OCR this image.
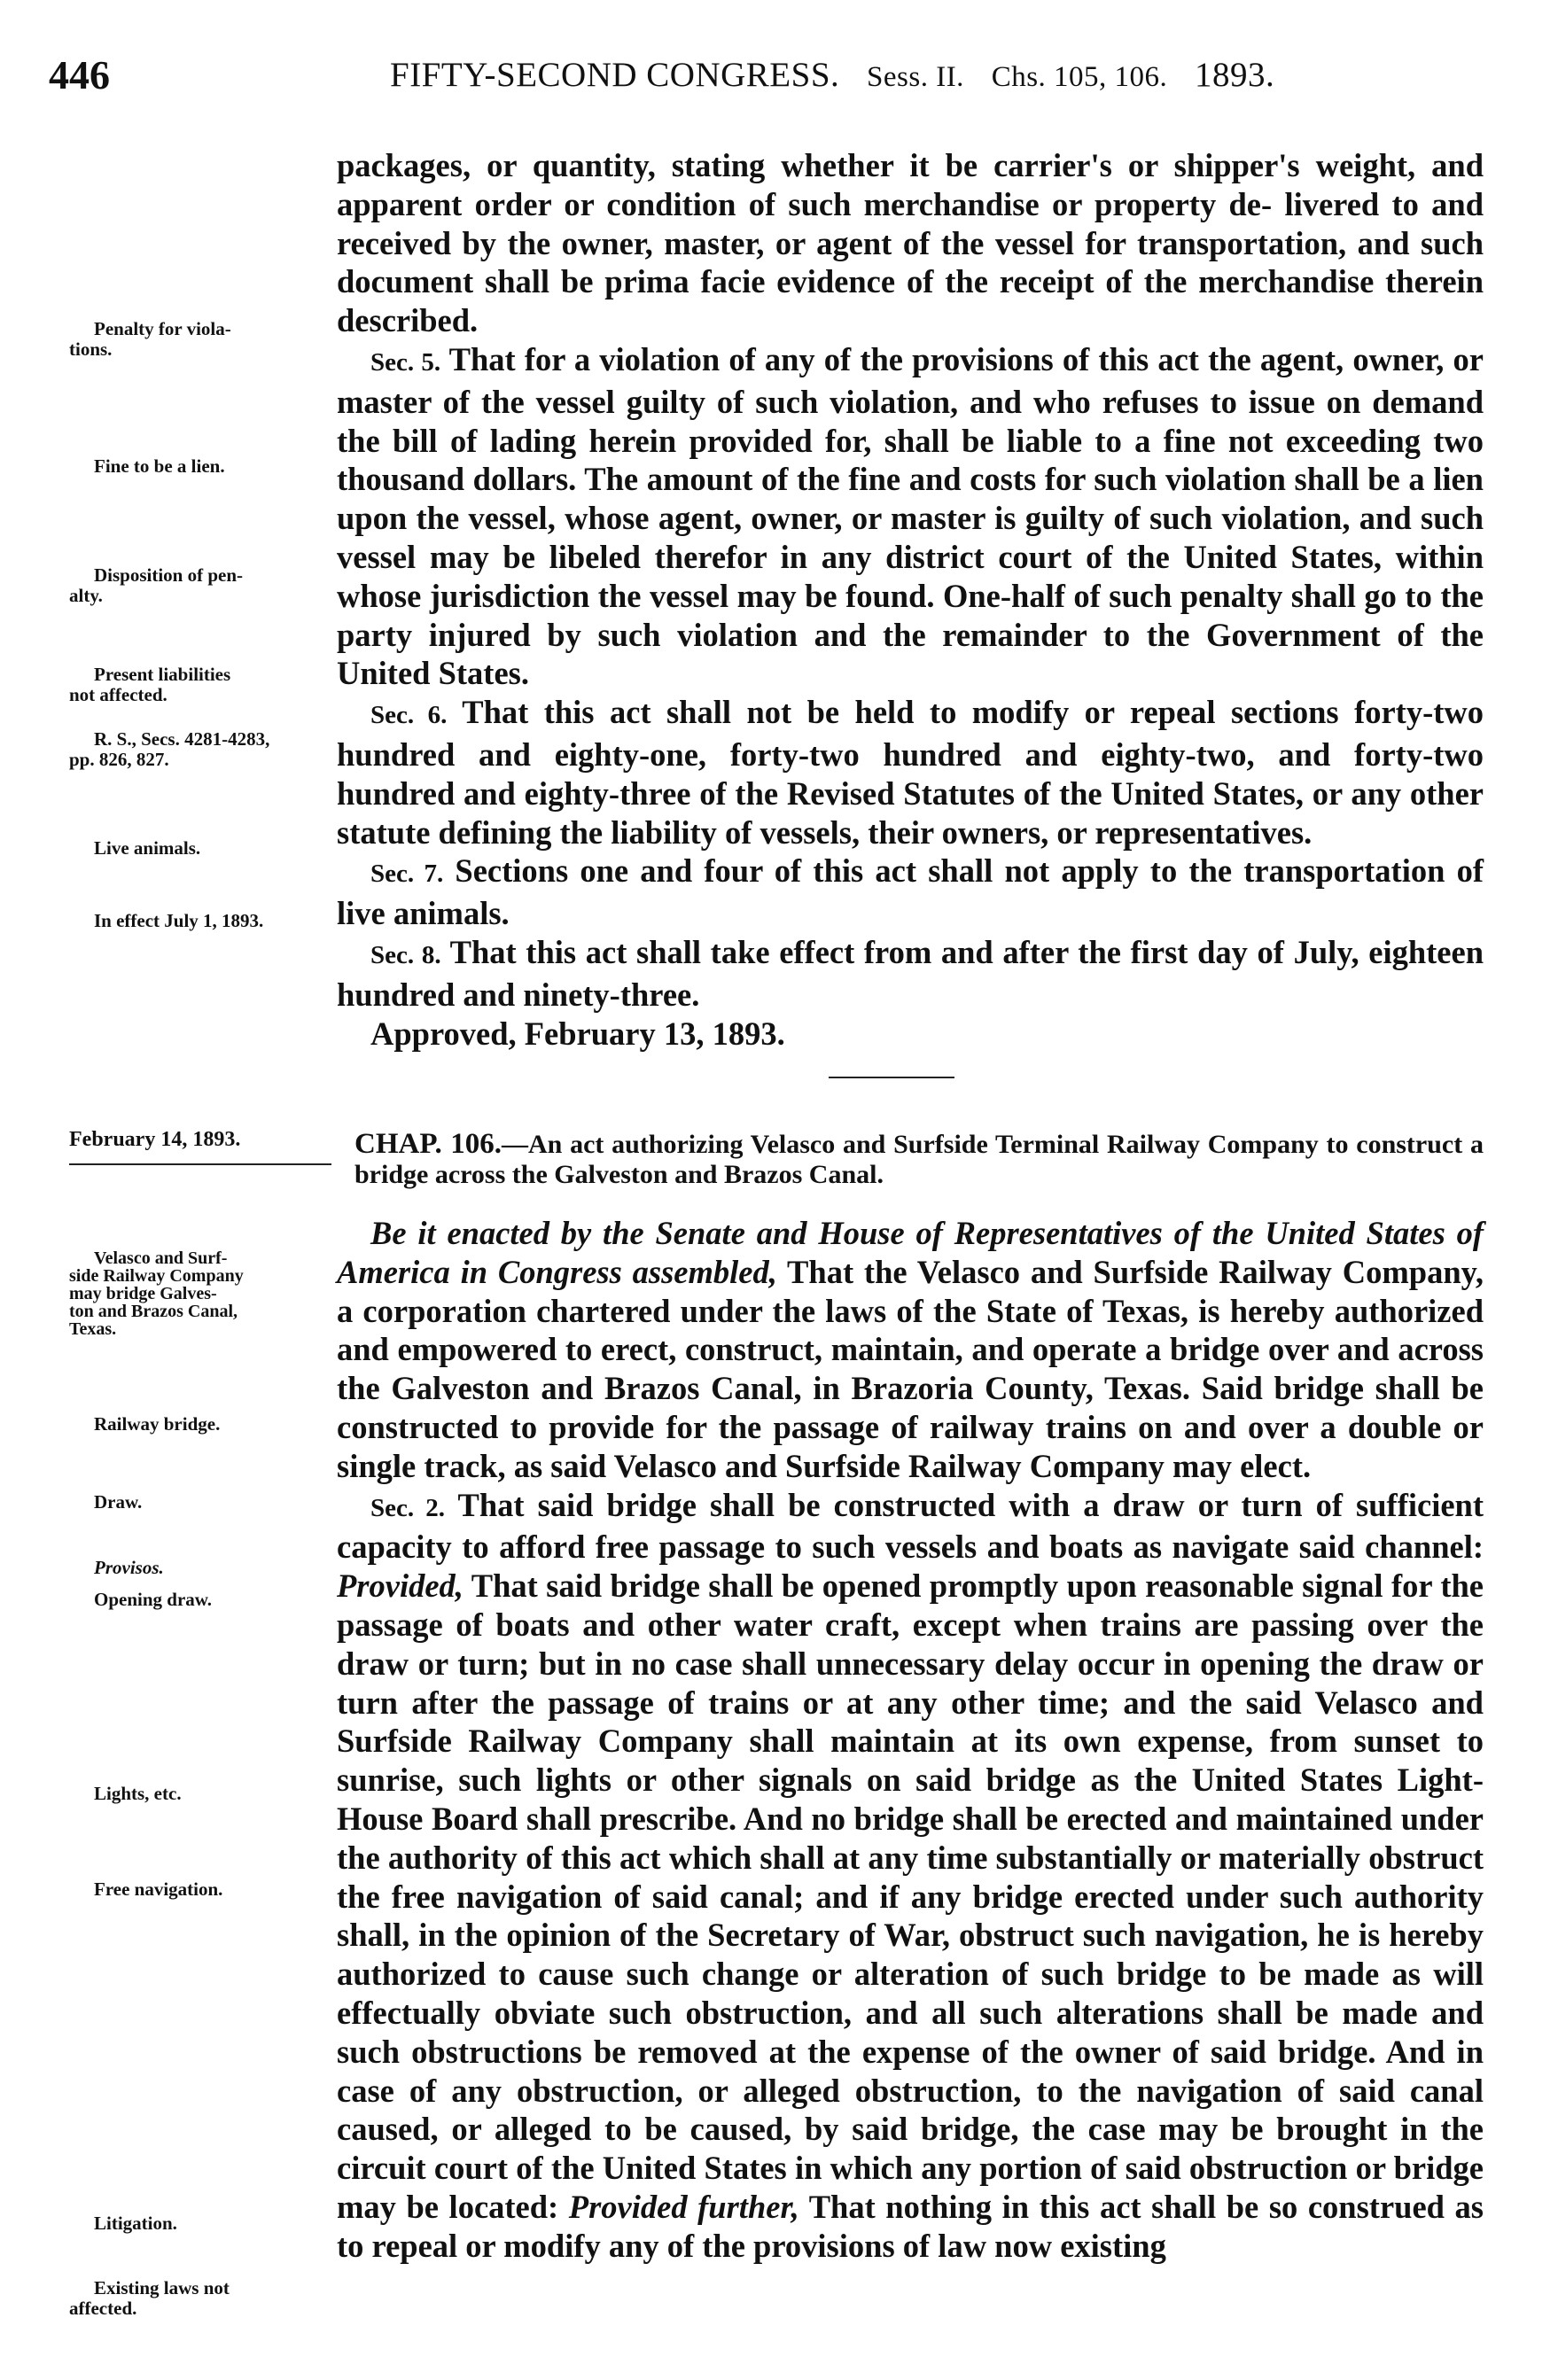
446	FIFTY-SECOND CONGRESS. Sess. II. Chs. 105, 106. 1893.

packages, or quantity, stating whether it be carrier's or shipper's weight, and apparent order or condition of such merchandise or property de- livered to and received by the owner, master, or agent of the vessel for transportation, and such document shall be prima facie evidence of the receipt of the merchandise therein described.

Sec. 5. That for a violation of any of the provisions of this act the agent, owner, or master of the vessel guilty of such violation, and who refuses to issue on demand the bill of lading herein provided for, shall be liable to a fine not exceeding two thousand dollars. The amount of the fine and costs for such violation shall be a lien upon the vessel, whose agent, owner, or master is guilty of such violation, and such vessel may be libeled therefor in any district court of the United States, within whose jurisdiction the vessel may be found. One-half of such penalty shall go to the party injured by such violation and the remainder to the Government of the United States.

Sec. 6. That this act shall not be held to modify or repeal sections forty-two hundred and eighty-one, forty-two hundred and eighty-two, and forty-two hundred and eighty-three of the Revised Statutes of the United States, or any other statute defining the liability of vessels, their owners, or representatives.

Sec. 7. Sections one and four of this act shall not apply to the transportation of live animals.

Sec. 8. That this act shall take effect from and after the first day of July, eighteen hundred and ninety-three.

Approved, February 13, 1893.

Penalty for viola-
tions.
Fine to be a lien.
Disposition of pen-
alty.
Present liabilities
not affected.
R. S., Secs. 4281-4283,
pp. 826, 827.
Live animals.
In effect July 1, 1893.
February 14, 1893.	CHAP. 106.—An act authorizing Velasco and Surfside Terminal Railway Company to construct a bridge across the Galveston and Brazos Canal.

Be it enacted by the Senate and House of Representatives of the United States of America in Congress assembled, That the Velasco and Surfside Railway Company, a corporation chartered under the laws of the State of Texas, is hereby authorized and empowered to erect, construct, maintain, and operate a bridge over and across the Galveston and Brazos Canal, in Brazoria County, Texas. Said bridge shall be constructed to provide for the passage of railway trains on and over a double or single track, as said Velasco and Surfside Railway Company may elect.

Sec. 2. That said bridge shall be constructed with a draw or turn of sufficient capacity to afford free passage to such vessels and boats as navigate said channel: Provided, That said bridge shall be opened promptly upon reasonable signal for the passage of boats and other water craft, except when trains are passing over the draw or turn; but in no case shall unnecessary delay occur in opening the draw or turn after the passage of trains or at any other time; and the said Velasco and Surfside Railway Company shall maintain at its own expense, from sunset to sunrise, such lights or other signals on said bridge as the United States Light-House Board shall prescribe. And no bridge shall be erected and maintained under the authority of this act which shall at any time substantially or materially obstruct the free navigation of said canal; and if any bridge erected under such authority shall, in the opinion of the Secretary of War, obstruct such navigation, he is hereby authorized to cause such change or alteration of such bridge to be made as will effectually obviate such obstruction, and all such alterations shall be made and such obstructions be removed at the expense of the owner of said bridge. And in case of any obstruction, or alleged obstruction, to the navigation of said canal caused, or alleged to be caused, by said bridge, the case may be brought in the circuit court of the United States in which any portion of said obstruction or bridge may be located: Provided further, That nothing in this act shall be so construed as to repeal or modify any of the provisions of law now existing

Velasco and Surf-
side Railway Company
may bridge Galves-
ton and Brazos Canal,
Texas.
Railway bridge.
Draw.
Provisos.
Opening draw.
Lights, etc.
Free navigation.
Litigation.
Existing laws not
affected.
